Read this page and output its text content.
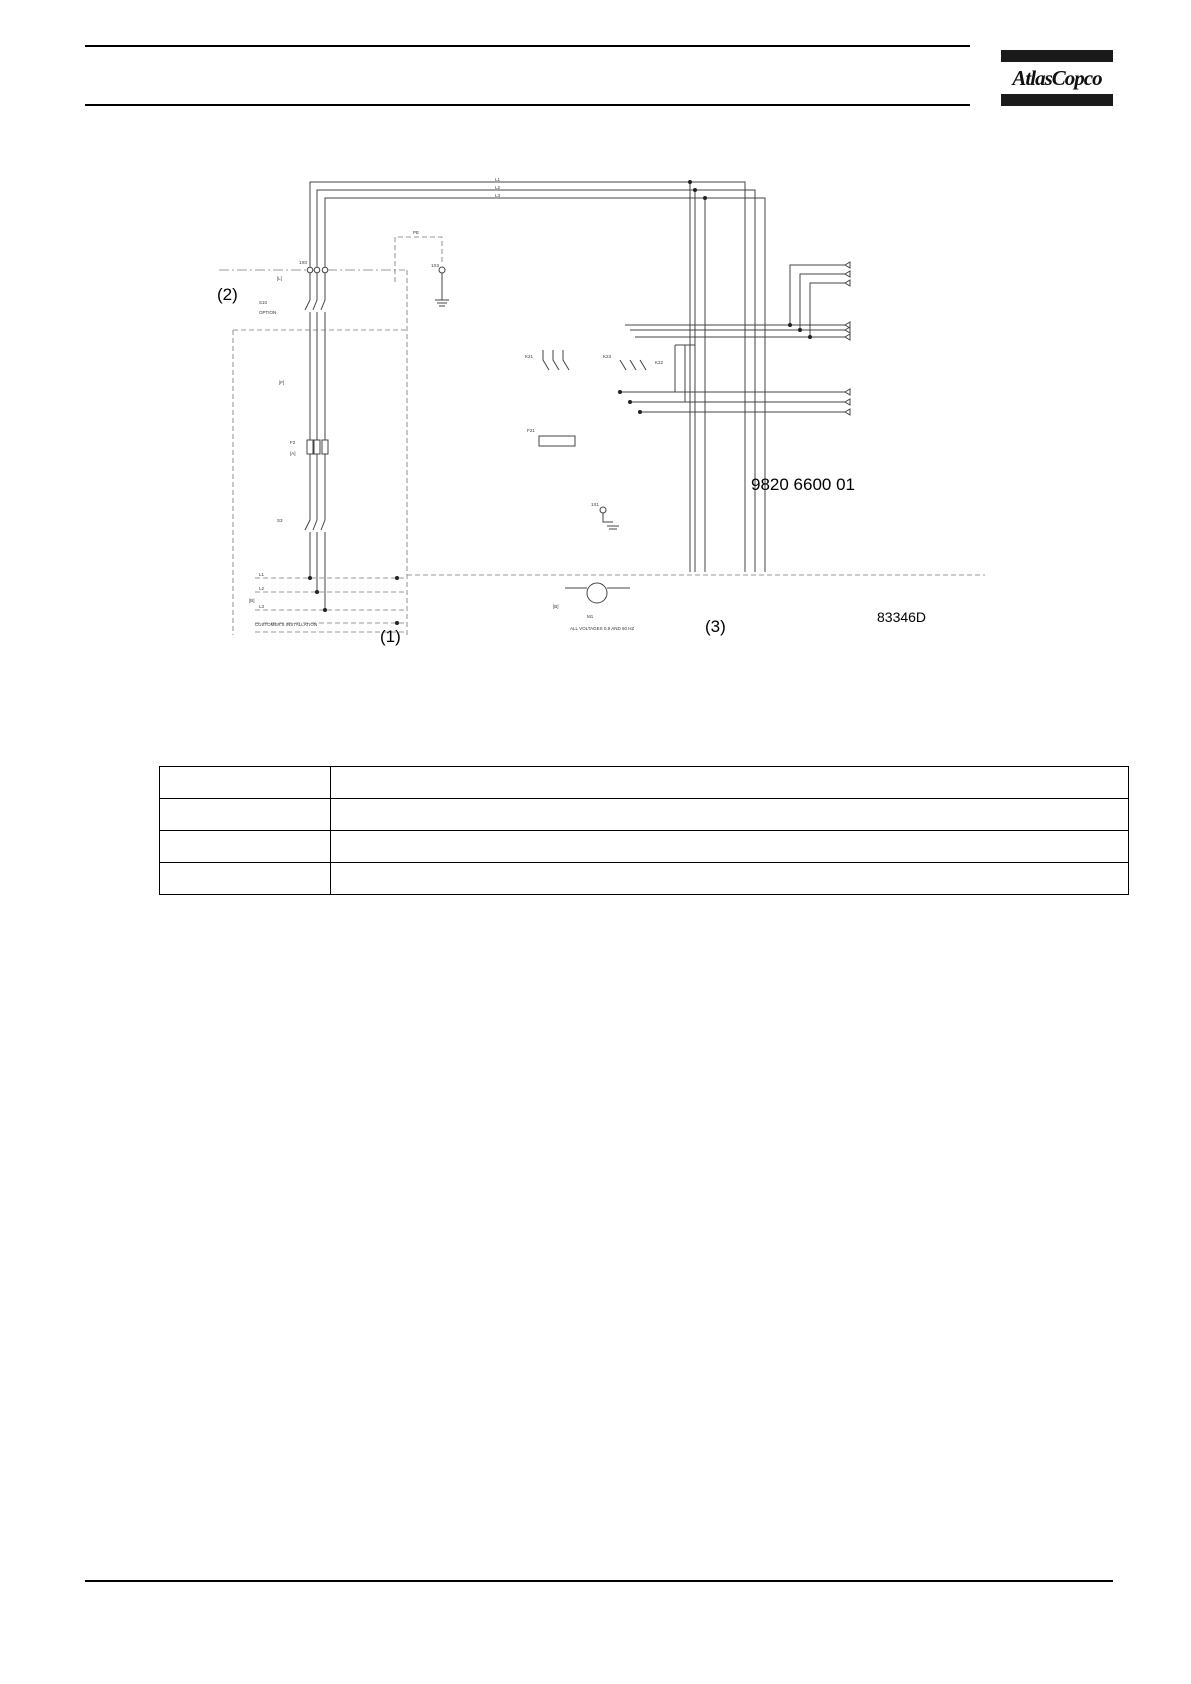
AtlasCopco
L1
L2
L3
PE
1X3
1X0
[L]
S10
OPTION
[F]
F2
[A]
S3
[B]
L1
L2
L3
K21	K23
F21
K22
1X1
M1
[B]
CUSTOMER'S INSTALLATION
ALL VOLTAGES 0,9 AND 60 HZ
(2)
(1)
(3)
9820 6600 01
83346D
